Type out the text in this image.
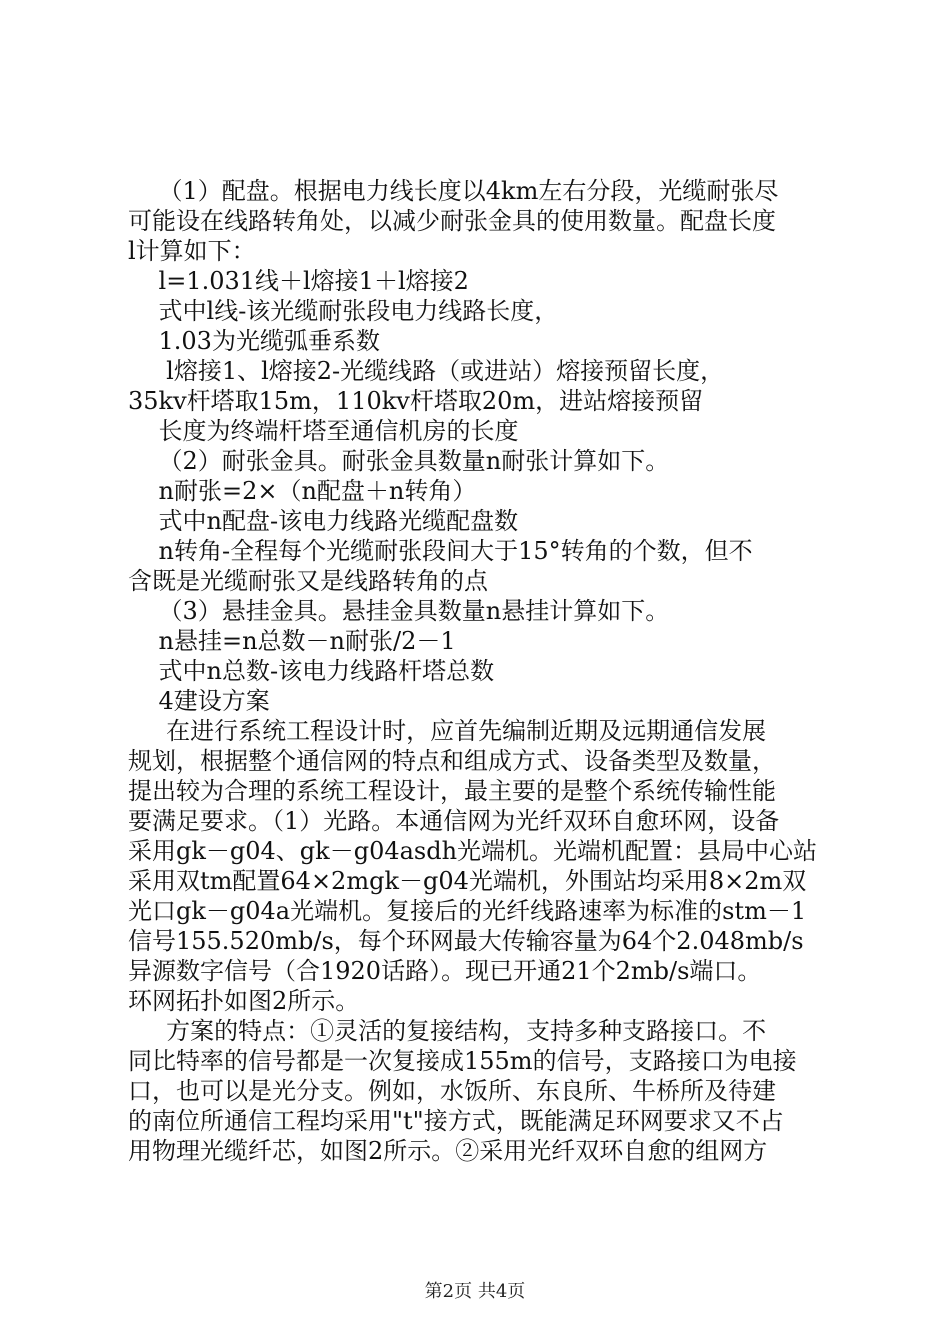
（1）配盘。根据电力线长度以4km左右分段，光缆耐张尽
可能设在线路转角处，以减少耐张金具的使用数量。配盘长度
l计算如下：
l=1.031线＋l熔接1＋l熔接2
式中l线-该光缆耐张段电力线路长度，
1.03为光缆弧垂系数
l熔接1、l熔接2-光缆线路（或进站）熔接预留长度，
35kv杆塔取15m，110kv杆塔取20m，进站熔接预留
长度为终端杆塔至通信机房的长度
（2）耐张金具。耐张金具数量n耐张计算如下。
n耐张=2×（n配盘＋n转角）
式中n配盘-该电力线路光缆配盘数
n转角-全程每个光缆耐张段间大于15°转角的个数，但不
含既是光缆耐张又是线路转角的点
（3）悬挂金具。悬挂金具数量n悬挂计算如下。
n悬挂=n总数－n耐张/2－1
式中n总数-该电力线路杆塔总数
4建设方案
在进行系统工程设计时，应首先编制近期及远期通信发展
规划，根据整个通信网的特点和组成方式、设备类型及数量，
提出较为合理的系统工程设计，最主要的是整个系统传输性能
要满足要求。（1）光路。本通信网为光纤双环自愈环网，设备
采用gk－g04、gk－g04asdh光端机。光端机配置：县局中心站
采用双tm配置64×2mgk－g04光端机，外围站均采用8×2m双
光口gk－g04a光端机。复接后的光纤线路速率为标准的stm－1
信号155.520mb/s，每个环网最大传输容量为64个2.048mb/s
异源数字信号（合1920话路）。现已开通21个2mb/s端口。
环网拓扑如图2所示。
方案的特点：①灵活的复接结构，支持多种支路接口。不
同比特率的信号都是一次复接成155m的信号，支路接口为电接
口，也可以是光分支。例如，水饭所、东良所、牛桥所及待建
的南位所通信工程均采用"t"接方式，既能满足环网要求又不占
用物理光缆纤芯，如图2所示。②采用光纤双环自愈的组网方
第2页 共4页
